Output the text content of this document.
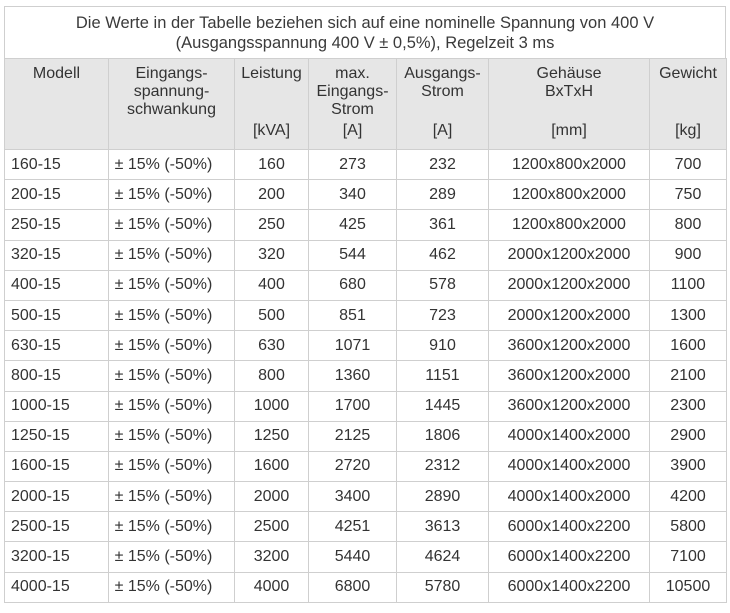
Die Werte in der Tabelle beziehen sich auf eine nominelle Spannung von 400 V
(Ausgangsspannung 400 V ± 0,5%), Regelzeit 3 ms
Modell	Eingangs-
spannung-
schwankung	Leistung
[kVA]	max.
Eingangs-
Strom
[A]	Ausgangs-
Strom
[A]	Gehäuse
BxTxH
[mm]	Gewicht
[kg]

160-15	± 15% (-50%)	160	273	232	1200x800x2000	700
200-15	± 15% (-50%)	200	340	289	1200x800x2000	750
250-15	± 15% (-50%)	250	425	361	1200x800x2000	800
320-15	± 15% (-50%)	320	544	462	2000x1200x2000	900
400-15	± 15% (-50%)	400	680	578	2000x1200x2000	1100
500-15	± 15% (-50%)	500	851	723	2000x1200x2000	1300
630-15	± 15% (-50%)	630	1071	910	3600x1200x2000	1600
800-15	± 15% (-50%)	800	1360	1151	3600x1200x2000	2100
1000-15	± 15% (-50%)	1000	1700	1445	3600x1200x2000	2300
1250-15	± 15% (-50%)	1250	2125	1806	4000x1400x2000	2900
1600-15	± 15% (-50%)	1600	2720	2312	4000x1400x2000	3900
2000-15	± 15% (-50%)	2000	3400	2890	4000x1400x2000	4200
2500-15	± 15% (-50%)	2500	4251	3613	6000x1400x2200	5800
3200-15	± 15% (-50%)	3200	5440	4624	6000x1400x2200	7100
4000-15	± 15% (-50%)	4000	6800	5780	6000x1400x2200	10500
